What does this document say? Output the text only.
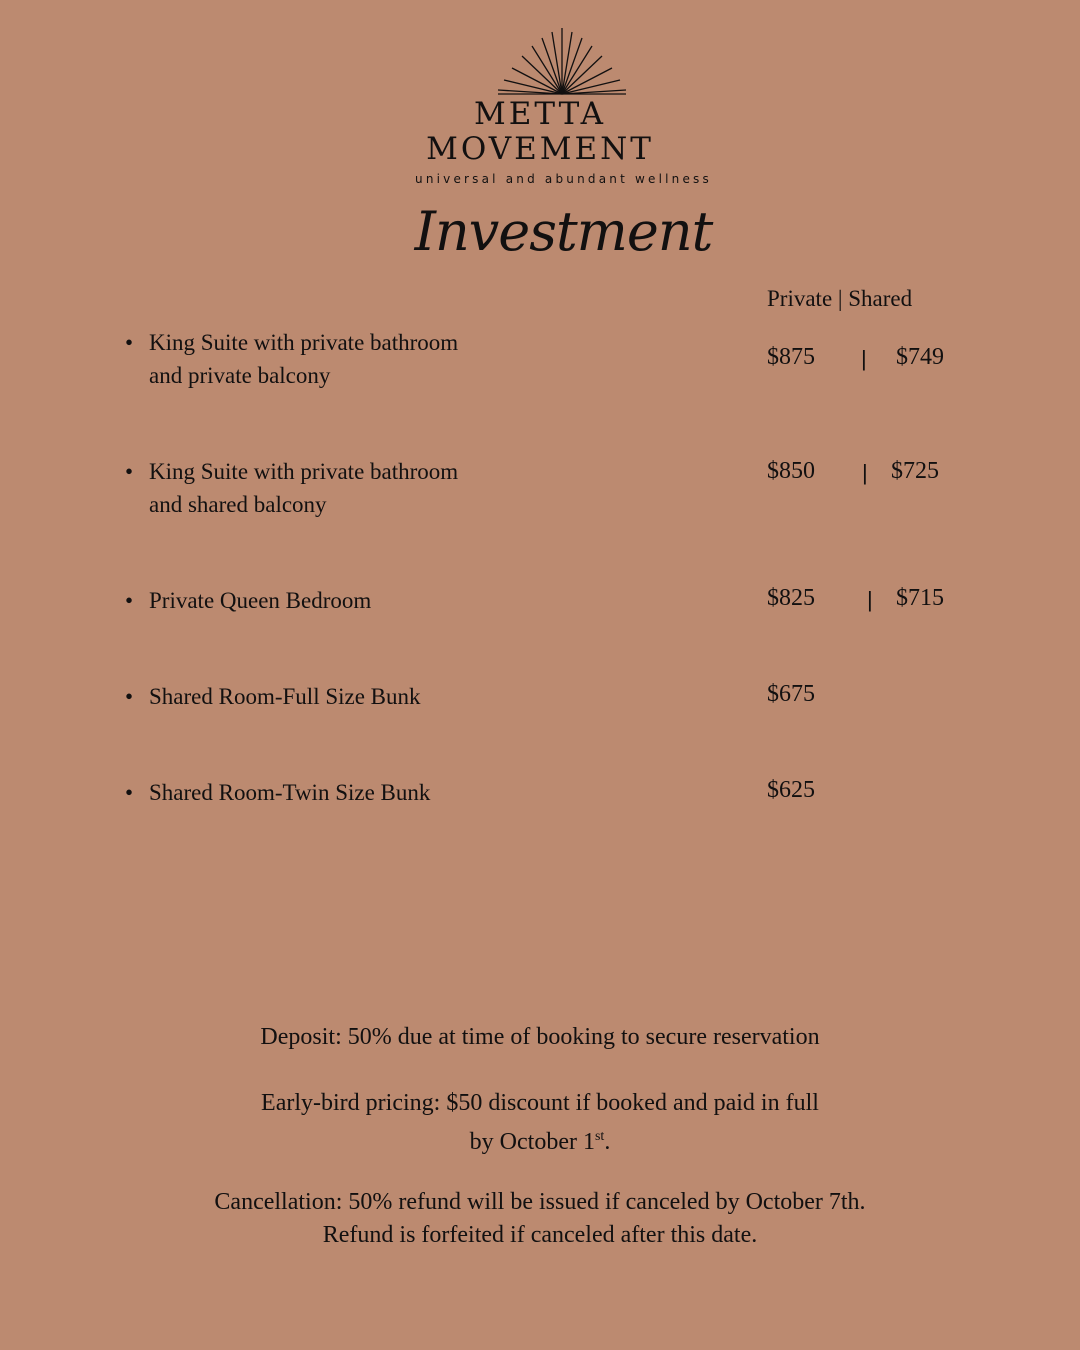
METTA
MOVEMENT
universal and abundant wellness
Investment
Private | Shared
• King Suite with private bathroom
and private balcony
$875 | $749
• King Suite with private bathroom
and shared balcony
$850 | $725
• Private Queen Bedroom	$825 | $715
• Shared Room-Full Size Bunk	$675
• Shared Room-Twin Size Bunk	$625
Deposit: 50% due at time of booking to secure reservation
Early-bird pricing: $50 discount if booked and paid in full
by October 1st.
Cancellation: 50% refund will be issued if canceled by October 7th.
Refund is forfeited if canceled after this date.
